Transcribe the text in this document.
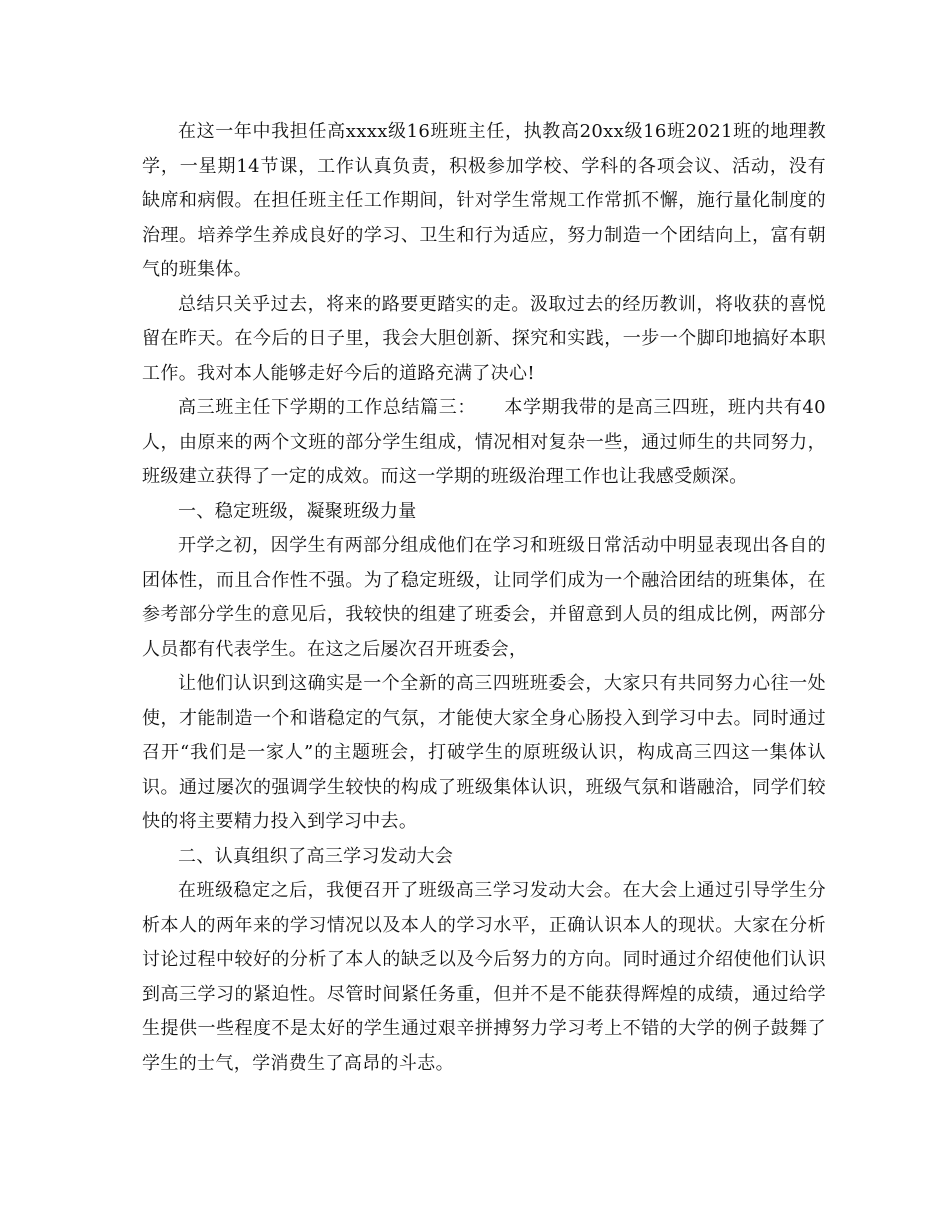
在这一年中我担任高xxxx级16班班主任，执教高20xx级16班2021班的地理教学，一星期14节课，工作认真负责，积极参加学校、学科的各项会议、活动，没有缺席和病假。在担任班主任工作期间，针对学生常规工作常抓不懈，施行量化制度的治理。培养学生养成良好的学习、卫生和行为适应，努力制造一个团结向上，富有朝气的班集体。

总结只关乎过去，将来的路要更踏实的走。汲取过去的经历教训，将收获的喜悦留在昨天。在今后的日子里，我会大胆创新、探究和实践，一步一个脚印地搞好本职工作。我对本人能够走好今后的道路充满了决心!

高三班主任下学期的工作总结篇三：　　本学期我带的是高三四班，班内共有40人，由原来的两个文班的部分学生组成，情况相对复杂一些，通过师生的共同努力，班级建立获得了一定的成效。而这一学期的班级治理工作也让我感受颇深。

一、稳定班级，凝聚班级力量

开学之初，因学生有两部分组成他们在学习和班级日常活动中明显表现出各自的团体性，而且合作性不强。为了稳定班级，让同学们成为一个融洽团结的班集体，在参考部分学生的意见后，我较快的组建了班委会，并留意到人员的组成比例，两部分人员都有代表学生。在这之后屡次召开班委会，

让他们认识到这确实是一个全新的高三四班班委会，大家只有共同努力心往一处使，才能制造一个和谐稳定的气氛，才能使大家全身心肠投入到学习中去。同时通过召开“我们是一家人”的主题班会，打破学生的原班级认识，构成高三四这一集体认识。通过屡次的强调学生较快的构成了班级集体认识，班级气氛和谐融洽，同学们较快的将主要精力投入到学习中去。

二、认真组织了高三学习发动大会

在班级稳定之后，我便召开了班级高三学习发动大会。在大会上通过引导学生分析本人的两年来的学习情况以及本人的学习水平，正确认识本人的现状。大家在分析讨论过程中较好的分析了本人的缺乏以及今后努力的方向。同时通过介绍使他们认识到高三学习的紧迫性。尽管时间紧任务重，但并不是不能获得辉煌的成绩，通过给学生提供一些程度不是太好的学生通过艰辛拼搏努力学习考上不错的大学的例子鼓舞了学生的士气，学消费生了高昂的斗志。
